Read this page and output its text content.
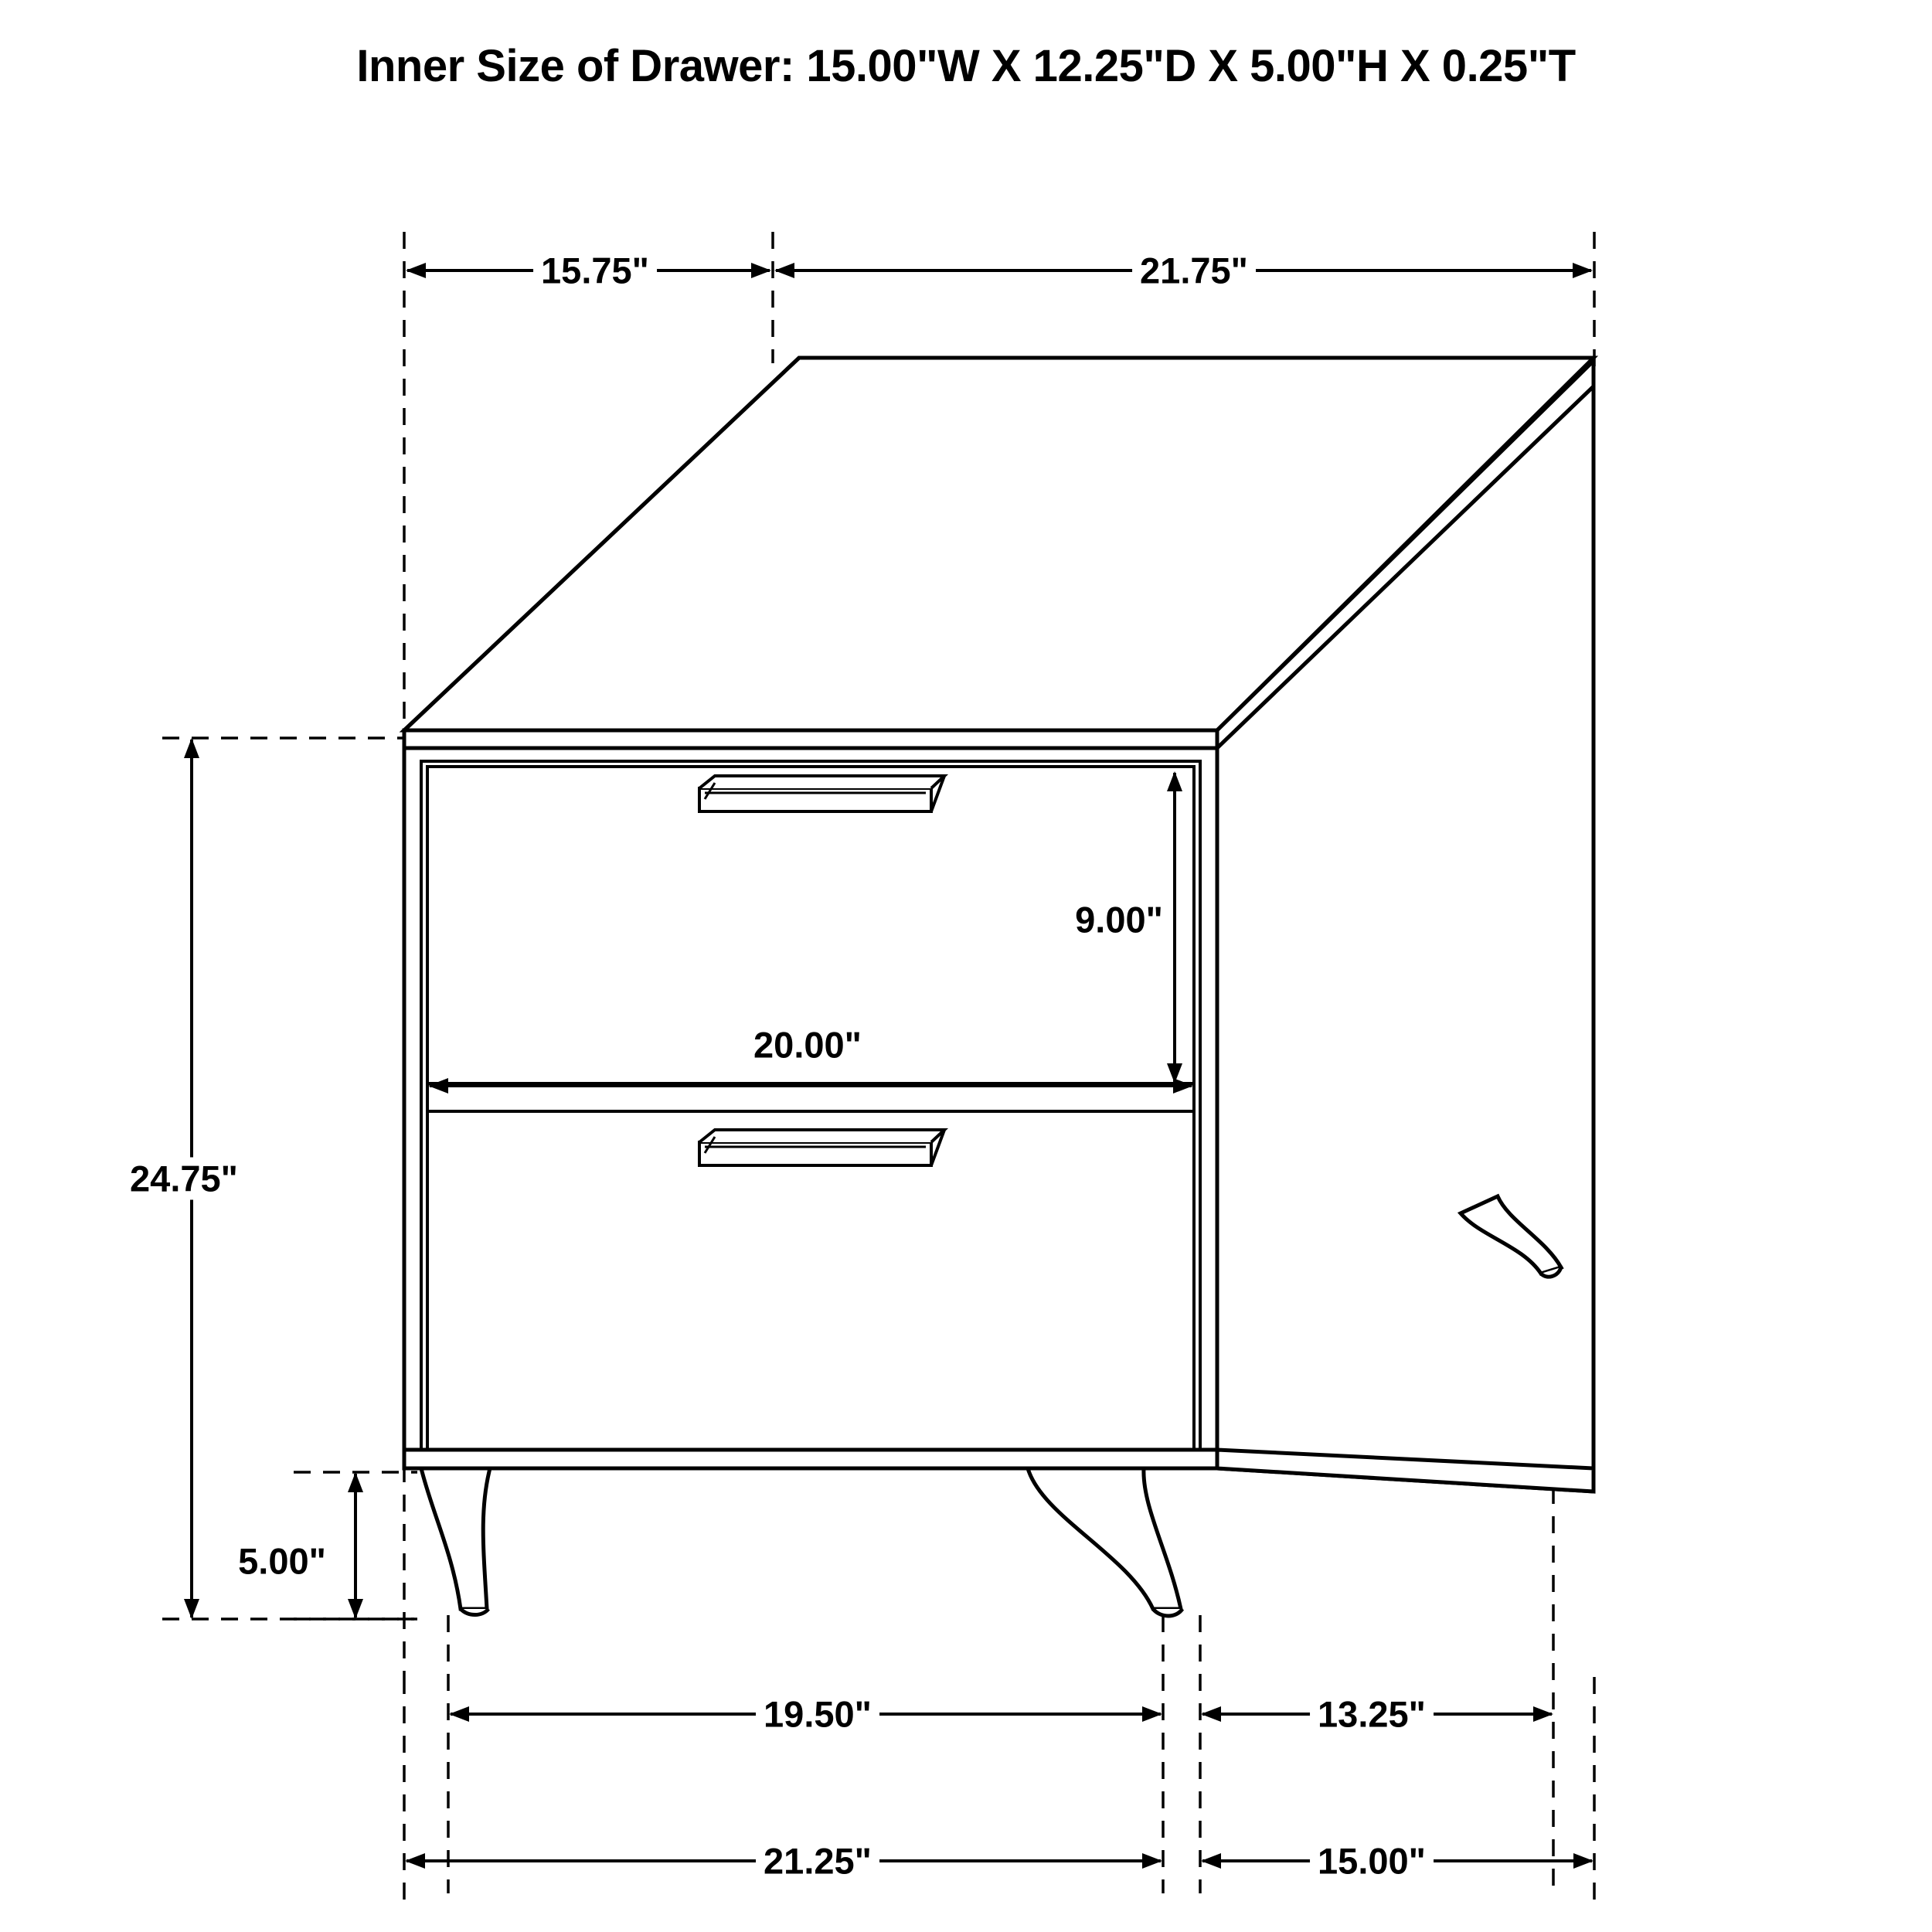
Inner Size of Drawer: 15.00"W X 12.25"D X 5.00"H X 0.25"T
15.75"	21.75"
24.75"
9.00"
20.00"
5.00"
19.50"	13.25"
21.25"	15.00"
